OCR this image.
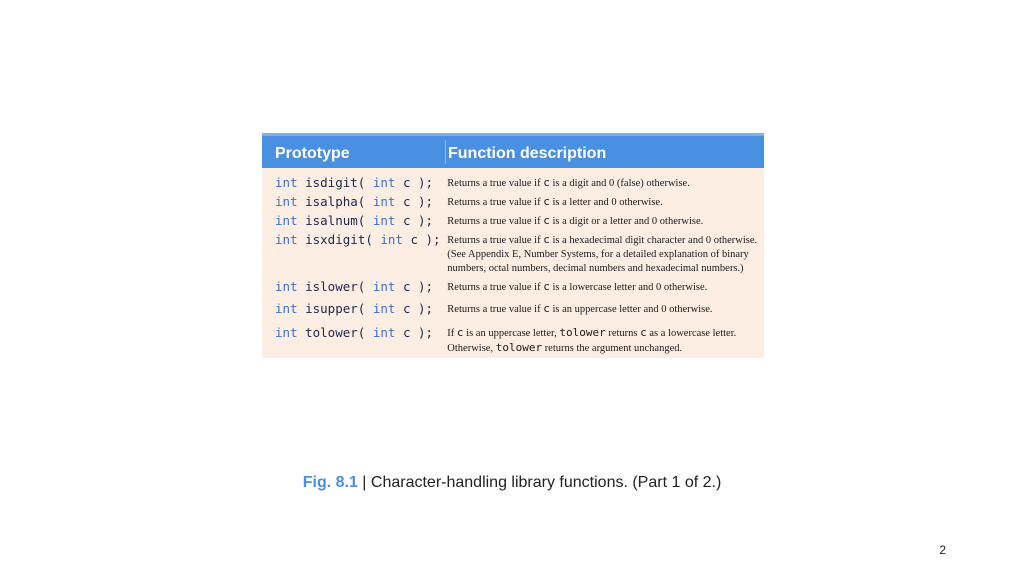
Prototype	Function description
int isdigit( int c );	Returns a true value if c is a digit and 0 (false) otherwise.
int isalpha( int c );	Returns a true value if c is a letter and 0 otherwise.
int isalnum( int c );	Returns a true value if c is a digit or a letter and 0 otherwise.
int isxdigit( int c ); Returns a true value if c is a hexadecimal digit character and 0 otherwise. (See Appendix E, Number Systems, for a detailed explanation of binary numbers, octal numbers, decimal numbers and hexadecimal numbers.)
int islower( int c );	Returns a true value if c is a lowercase letter and 0 otherwise.
int isupper( int c );	Returns a true value if c is an uppercase letter and 0 otherwise.
int tolower( int c );	If c is an uppercase letter, tolower returns c as a lowercase letter. Otherwise, tolower returns the argument unchanged.
Fig. 8.1 | Character-handling library functions. (Part 1 of 2.)
2
